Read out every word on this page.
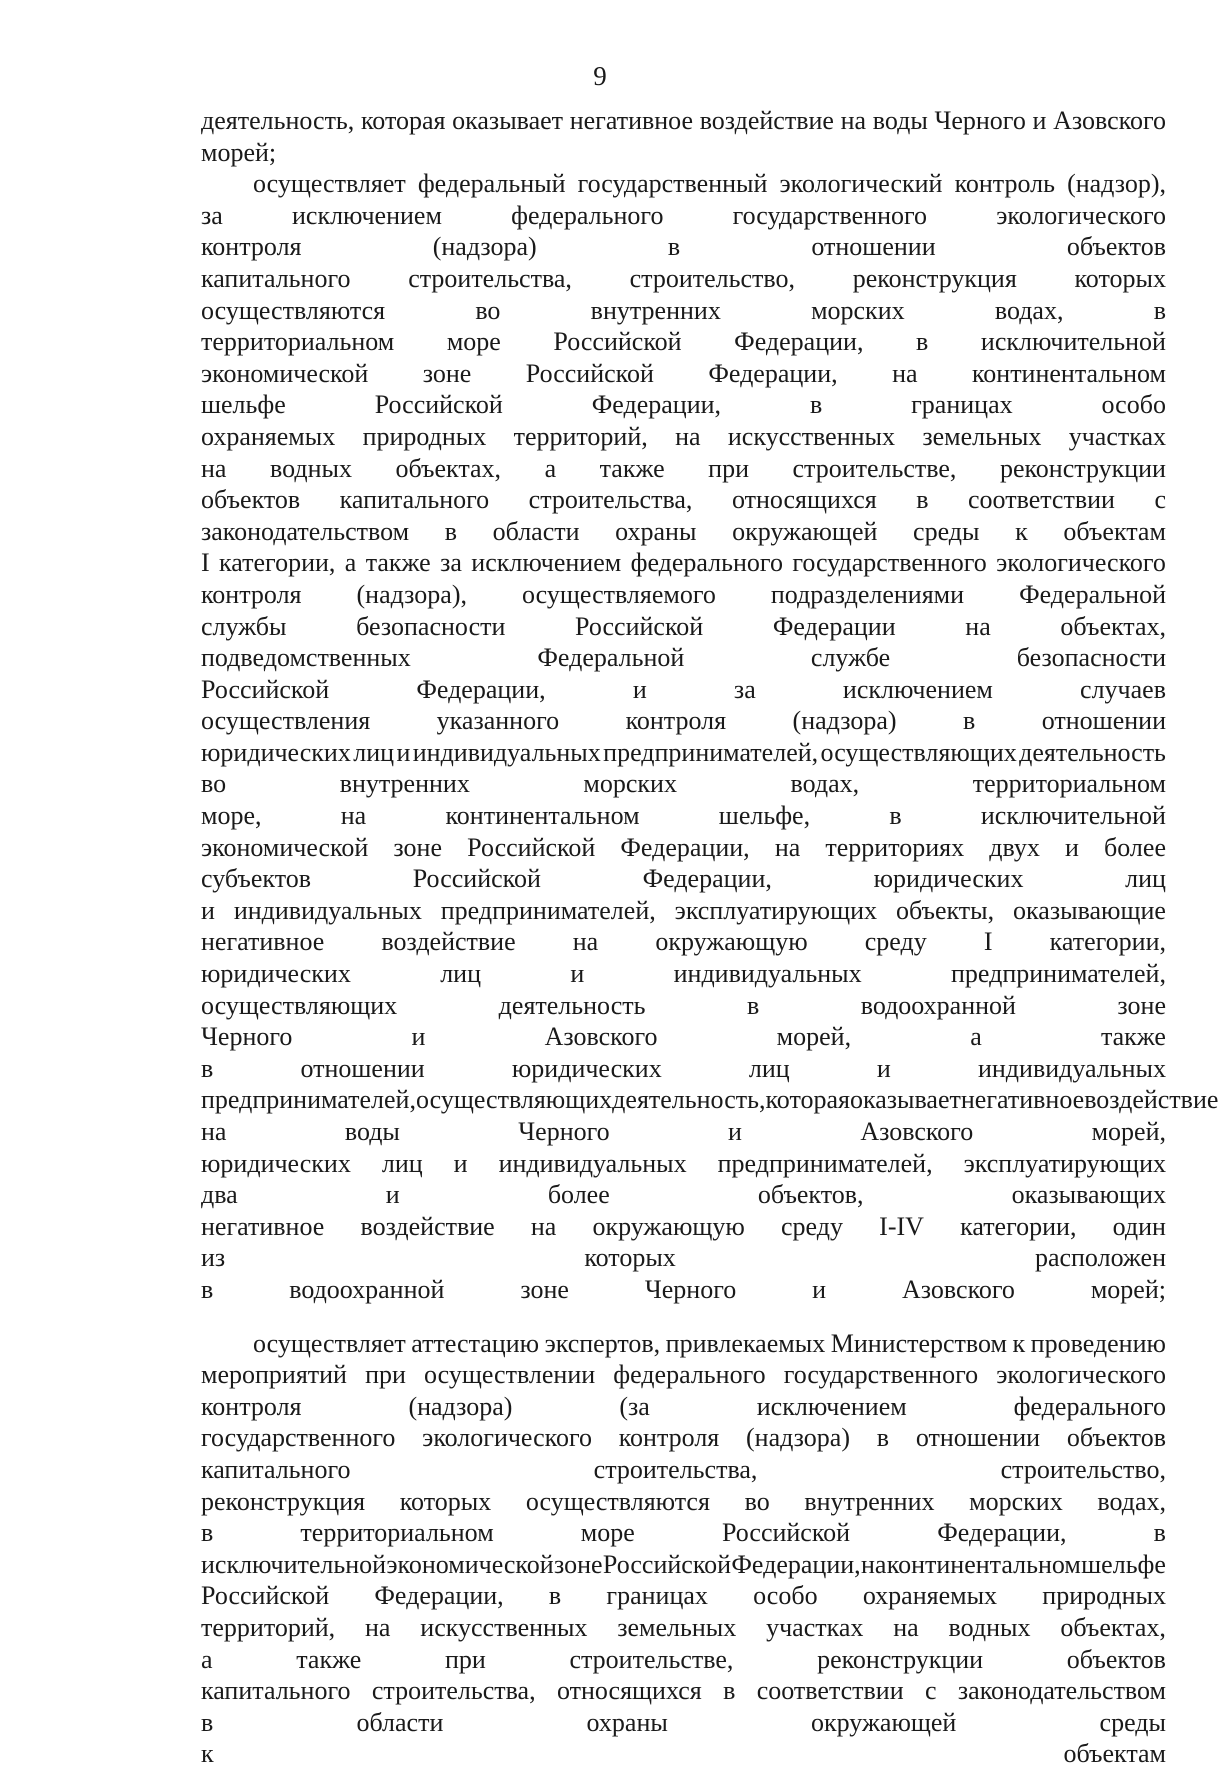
9

деятельность, которая оказывает негативное воздействие на воды Черного и Азовского
морей;

осуществляет федеральный государственный экологический контроль (надзор),
за	исключением	федерального	государственного	экологического
контроля	(надзора)	в	отношении	объектов
капитального строительства, строительство, реконструкция которых
осуществляются	во	внутренних	морских	водах,	в
территориальном море Российской Федерации, в исключительной
экономической зоне Российской Федерации, на континентальном
шельфе	Российской	Федерации,	в	границах	особо
охраняемых природных территорий, на искусственных земельных участках
на водных объектах, а также при строительстве, реконструкции
объектов капитального строительства, относящихся в соответствии с
законодательством в области охраны окружающей среды к объектам
I категории, а также за исключением федерального государственного экологического
контроля (надзора), осуществляемого подразделениями Федеральной
службы	безопасности	Российской	Федерации	на	объектах,
подведомственных	Федеральной	службе	безопасности
Российской	Федерации,	и	за	исключением	случаев
осуществления	указанного	контроля	(надзора)	в	отношении
юридических лиц и индивидуальных предпринимателей, осуществляющих деятельность
во	внутренних	морских	водах,	территориальном
море,	на	континентальном	шельфе,	в	исключительной
экономической зоне Российской Федерации, на территориях двух и более
субъектов	Российской	Федерации,	юридических	лиц
и индивидуальных предпринимателей, эксплуатирующих объекты, оказывающие
негативное воздействие на окружающую среду I категории,
юридических	лиц	и	индивидуальных	предпринимателей,
осуществляющих	деятельность	в	водоохранной	зоне
Черного	и	Азовского	морей,	а	также
в	отношении	юридических	лиц	и	индивидуальных
предпринимателей, осуществляющих деятельность, которая оказывает негативное воздействие
на	воды	Черного	и	Азовского	морей,
юридических лиц и индивидуальных предпринимателей, эксплуатирующих
два	и	более	объектов,	оказывающих
негативное воздействие на окружающую среду I-IV категории, один
из которых расположен
в водоохранной зоне Черного и Азовского морей;

осуществляет аттестацию экспертов, привлекаемых Министерством к проведению
мероприятий при осуществлении федерального государственного экологического
контроля	(надзора)	(за	исключением	федерального
государственного экологического контроля (надзора) в отношении объектов
капитального	строительства,	строительство,
реконструкция которых осуществляются во внутренних морских водах,
в	территориальном	море	Российской	Федерации,	в
исключительной экономической зоне Российской Федерации, на континентальном шельфе
Российской Федерации, в границах особо охраняемых природных
территорий, на искусственных земельных участках на водных объектах,
а	также	при	строительстве,	реконструкции	объектов
капитального строительства, относящихся в соответствии с законодательством
в	области	охраны	окружающей	среды
к объектам
